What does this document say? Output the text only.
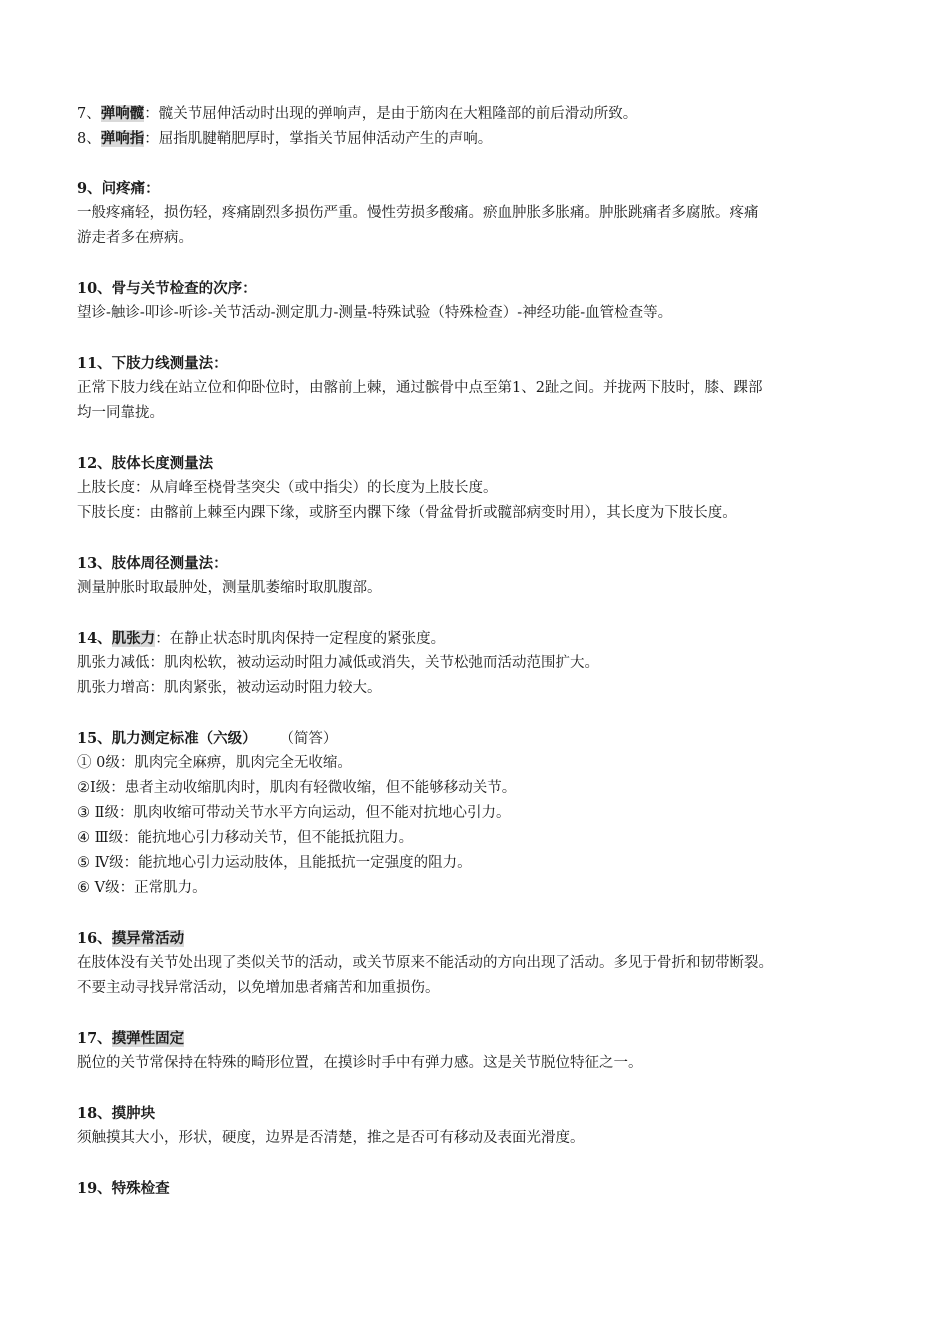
7、弹响髋：髋关节屈伸活动时出现的弹响声，是由于筋肉在大粗隆部的前后滑动所致。
8、弹响指：屈指肌腱鞘肥厚时，掌指关节屈伸活动产生的声响。
9、问疼痛：
一般疼痛轻，损伤轻，疼痛剧烈多损伤严重。慢性劳损多酸痛。瘀血肿胀多胀痛。肿胀跳痛者多腐脓。疼痛
游走者多在痹病。
10、骨与关节检查的次序：
望诊-触诊-叩诊-听诊-关节活动-测定肌力-测量-特殊试验（特殊检查）-神经功能-血管检查等。
11、下肢力线测量法：
正常下肢力线在站立位和仰卧位时，由髂前上棘，通过髌骨中点至第1、2趾之间。并拢两下肢时，膝、踝部
均一同靠拢。
12、肢体长度测量法
上肢长度：从肩峰至桡骨茎突尖（或中指尖）的长度为上肢长度。
下肢长度：由髂前上棘至内踝下缘，或脐至内髁下缘（骨盆骨折或髋部病变时用），其长度为下肢长度。
13、肢体周径测量法：
测量肿胀时取最肿处，测量肌萎缩时取肌腹部。
14、肌张力：在静止状态时肌肉保持一定程度的紧张度。
肌张力减低：肌肉松软，被动运动时阻力减低或消失，关节松弛而活动范围扩大。
肌张力增高：肌肉紧张，被动运动时阻力较大。
15、肌力测定标准（六级） （简答）
① 0级：肌肉完全麻痹，肌肉完全无收缩。
②Ⅰ级：患者主动收缩肌肉时，肌肉有轻微收缩，但不能够移动关节。
③ Ⅱ级：肌肉收缩可带动关节水平方向运动，但不能对抗地心引力。
④ Ⅲ级：能抗地心引力移动关节，但不能抵抗阻力。
⑤ Ⅳ级：能抗地心引力运动肢体，且能抵抗一定强度的阻力。
⑥ Ⅴ级：正常肌力。
16、摸异常活动
在肢体没有关节处出现了类似关节的活动，或关节原来不能活动的方向出现了活动。多见于骨折和韧带断裂。
不要主动寻找异常活动，以免增加患者痛苦和加重损伤。
17、摸弹性固定
脱位的关节常保持在特殊的畸形位置，在摸诊时手中有弹力感。这是关节脱位特征之一。
18、摸肿块
须触摸其大小，形状，硬度，边界是否清楚，推之是否可有移动及表面光滑度。
19、特殊检查
